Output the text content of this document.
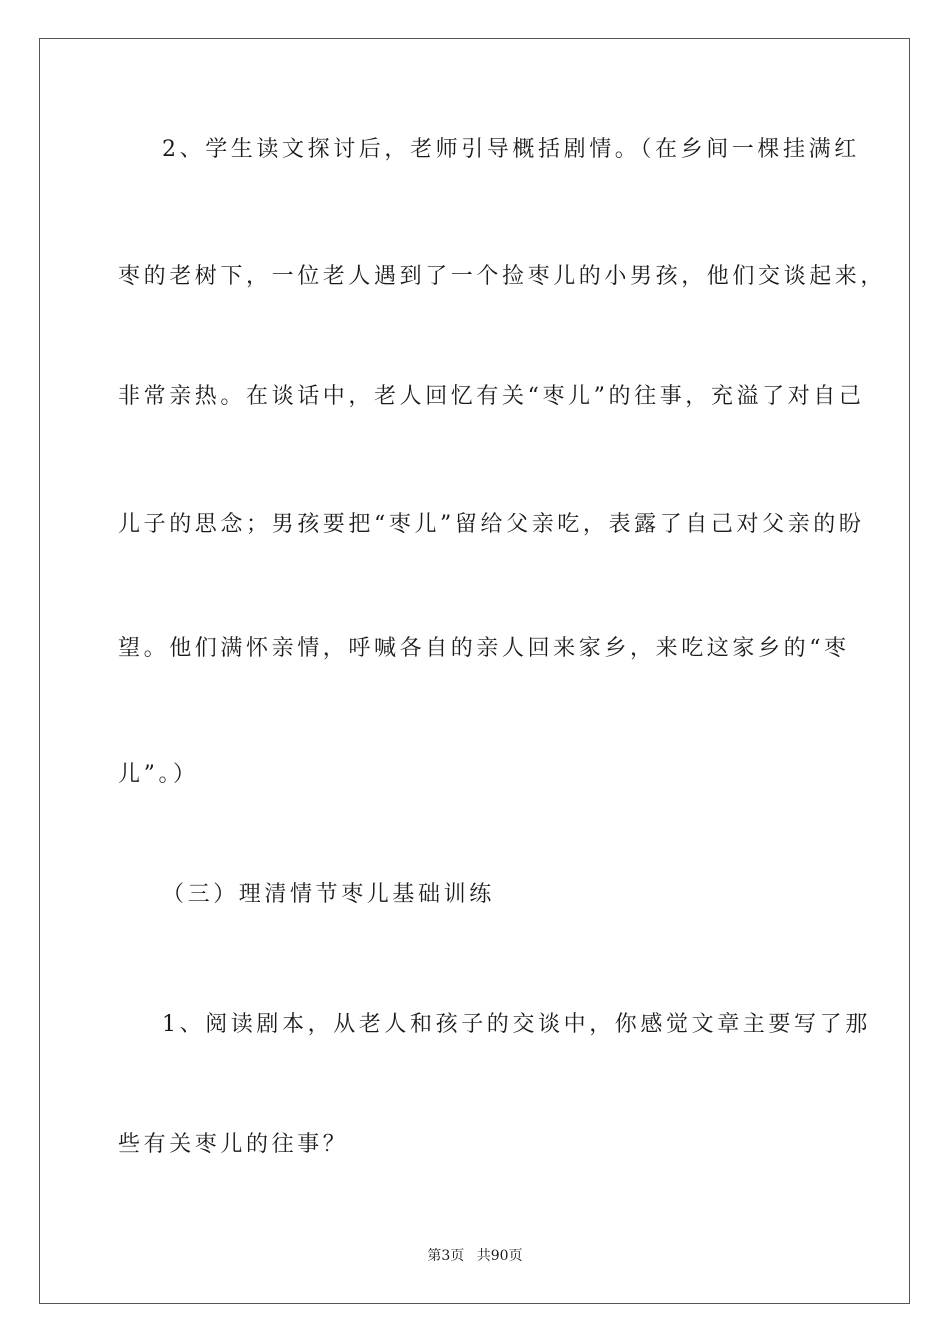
2、学生读文探讨后，老师引导概括剧情。（在乡间一棵挂满红
枣的老树下，一位老人遇到了一个捡枣儿的小男孩，他们交谈起来，
非常亲热。在谈话中，老人回忆有关“枣儿”的往事，充溢了对自己
儿子的思念；男孩要把“枣儿”留给父亲吃，表露了自己对父亲的盼
望。他们满怀亲情，呼喊各自的亲人回来家乡，来吃这家乡的“枣
儿”。）
（三）理清情节枣儿基础训练
1、阅读剧本，从老人和孩子的交谈中，你感觉文章主要写了那
些有关枣儿的往事？
第3页 共90页
